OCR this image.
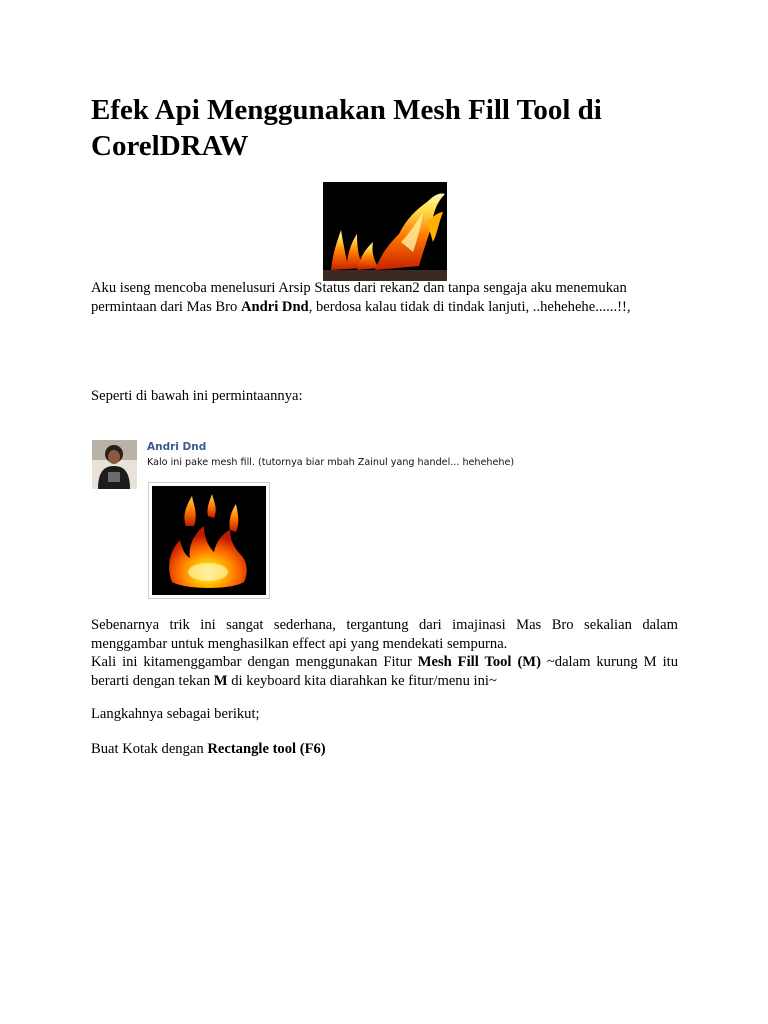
Efek Api Menggunakan Mesh Fill Tool di CorelDRAW

Aku iseng mencoba menelusuri Arsip Status dari rekan2 dan tanpa sengaja aku menemukan permintaan dari Mas Bro Andri Dnd, berdosa kalau tidak di tindak lanjuti, ..hehehehe......!!,

Seperti di bawah ini permintaannya:

Andri Dnd

Kalo ini pake mesh fill. (tutornya biar mbah Zainul yang handel... hehehehe)

Sebenarnya trik ini sangat sederhana, tergantung dari imajinasi Mas Bro sekalian dalam menggambar untuk menghasilkan effect api yang mendekati sempurna.
Kali ini kitamenggambar dengan menggunakan Fitur Mesh Fill Tool (M) ~dalam kurung M itu berarti dengan tekan M di keyboard kita diarahkan ke fitur/menu ini~

Langkahnya sebagai berikut;

Buat Kotak dengan Rectangle tool (F6)
